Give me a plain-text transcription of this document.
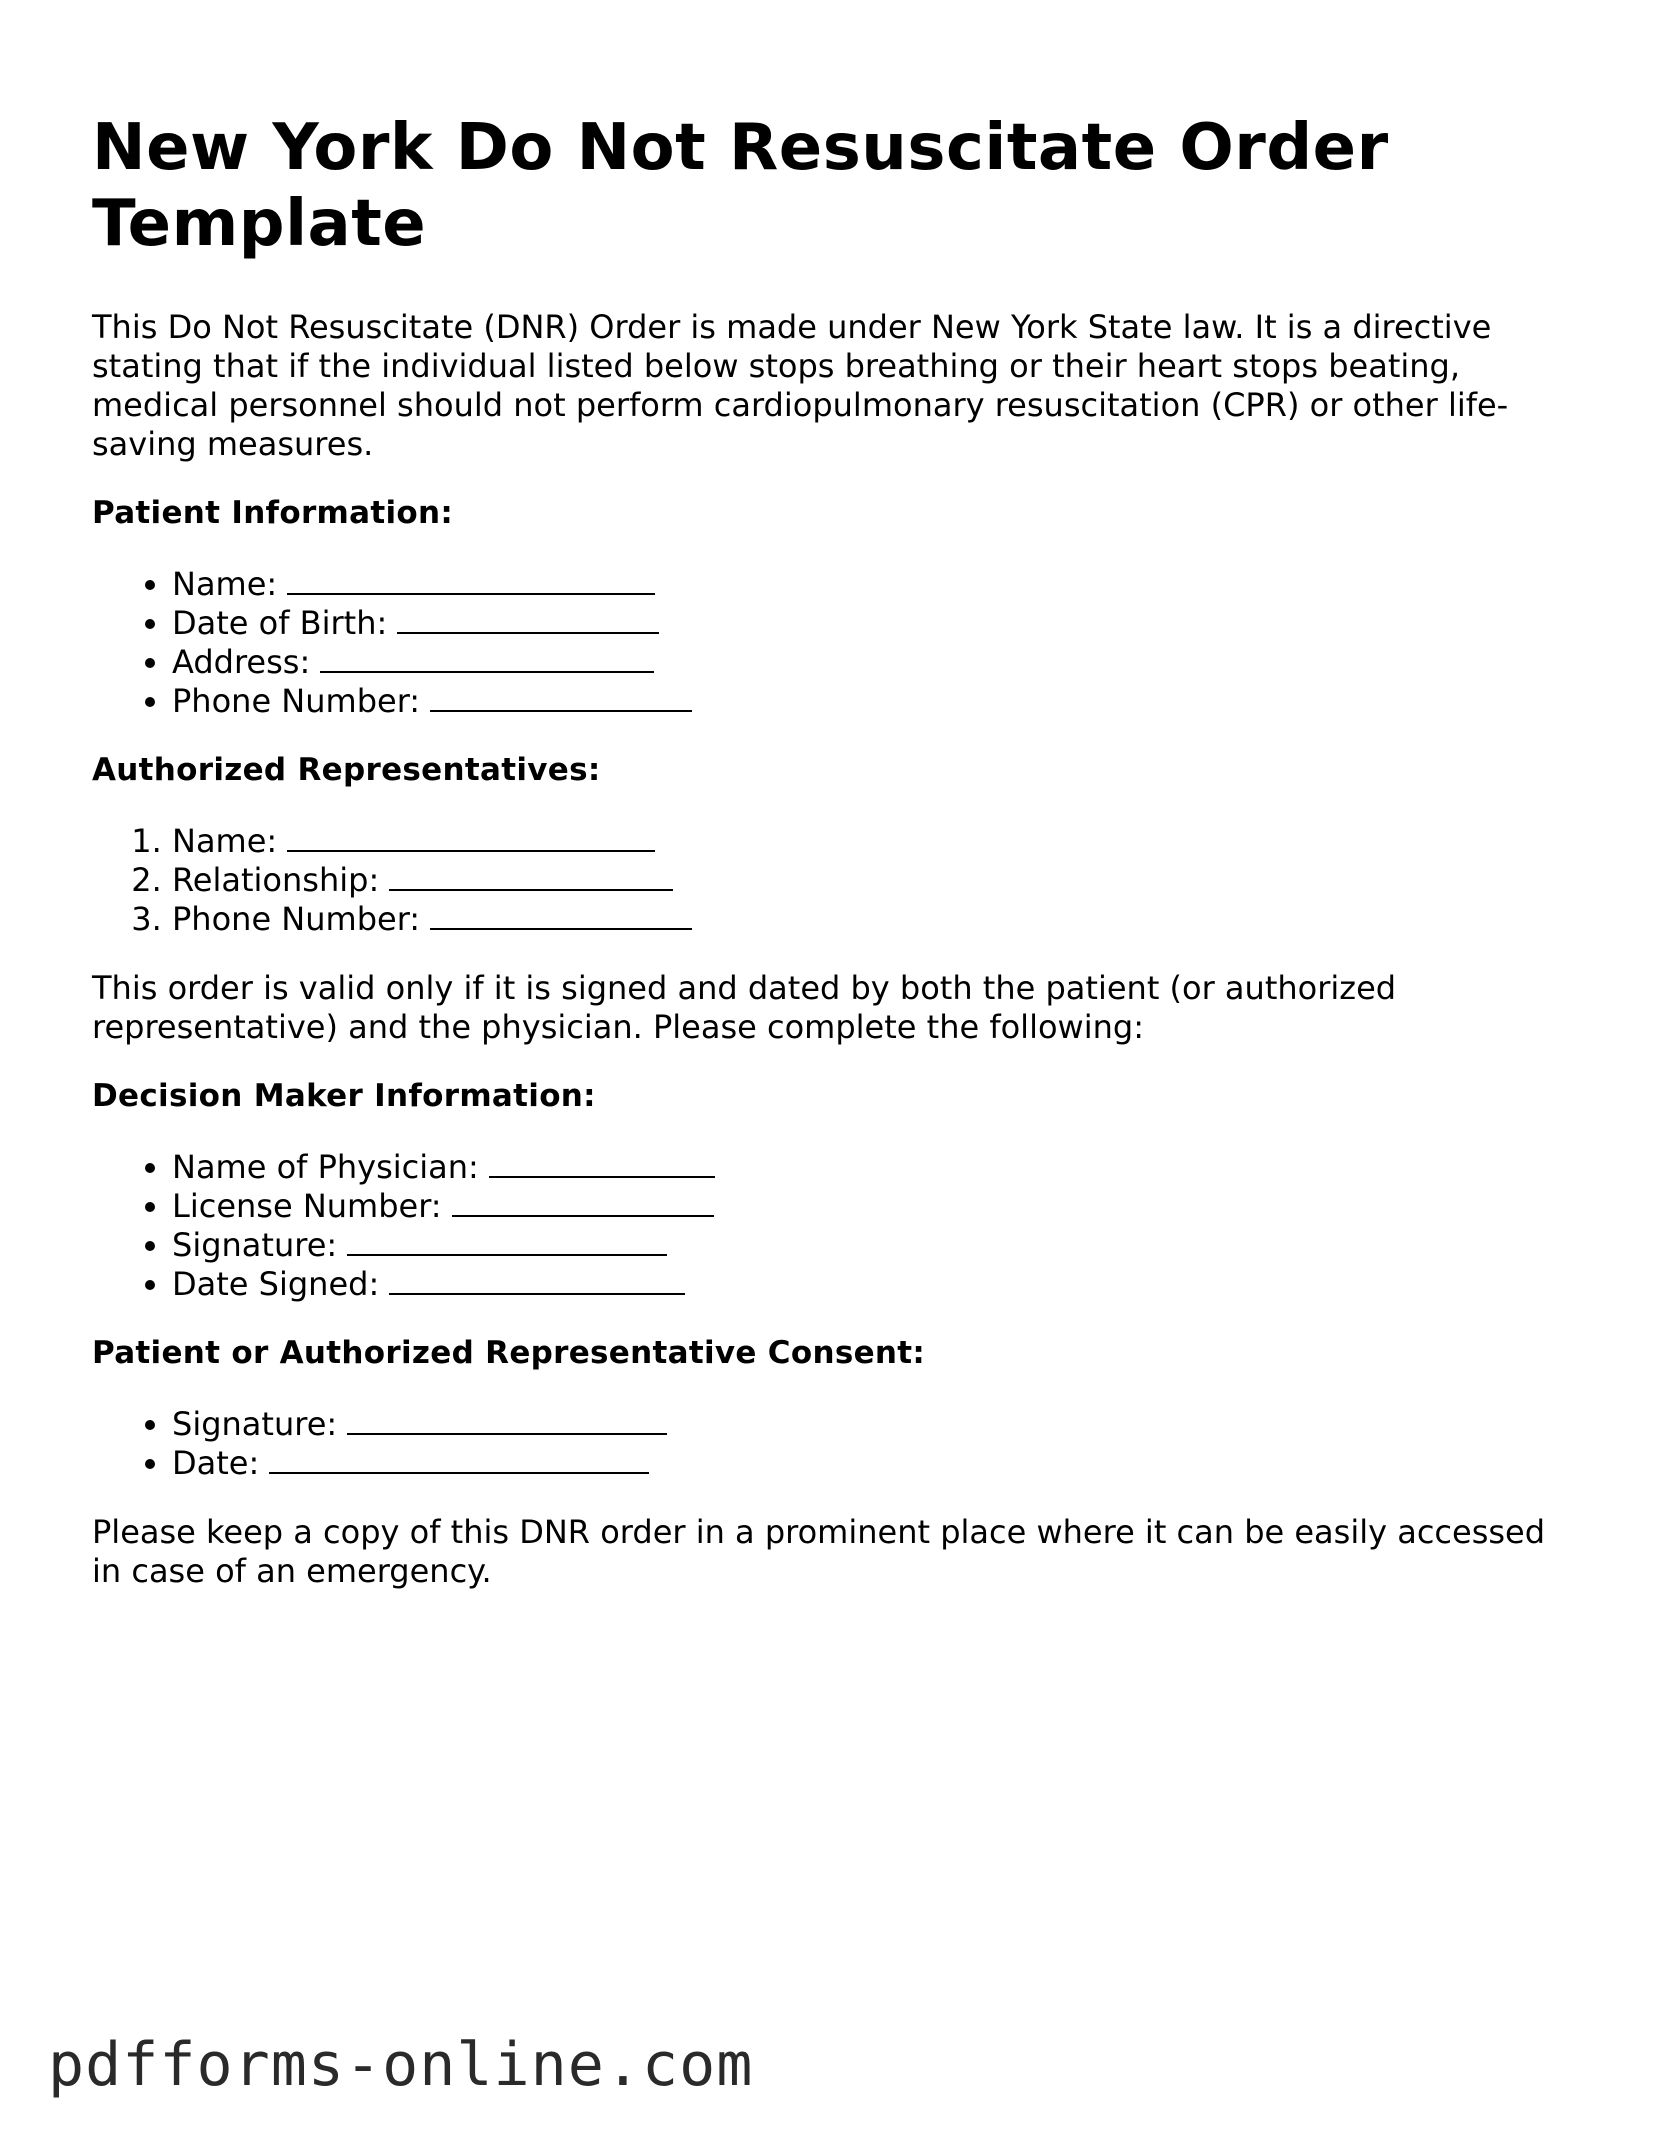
New York Do Not Resuscitate Order Template

This Do Not Resuscitate (DNR) Order is made under New York State law. It is a directive stating that if the individual listed below stops breathing or their heart stops beating, medical personnel should not perform cardiopulmonary resuscitation (CPR) or other life-saving measures.

Patient Information:
• Name:
• Date of Birth:
• Address:
• Phone Number:
Authorized Representatives:
1. Name:
2. Relationship:
3. Phone Number:

This order is valid only if it is signed and dated by both the patient (or authorized representative) and the physician. Please complete the following:

Decision Maker Information:
• Name of Physician:
• License Number:
• Signature:
• Date Signed:
Patient or Authorized Representative Consent:
• Signature:
• Date:

Please keep a copy of this DNR order in a prominent place where it can be easily accessed in case of an emergency.

pdfforms-online.com
